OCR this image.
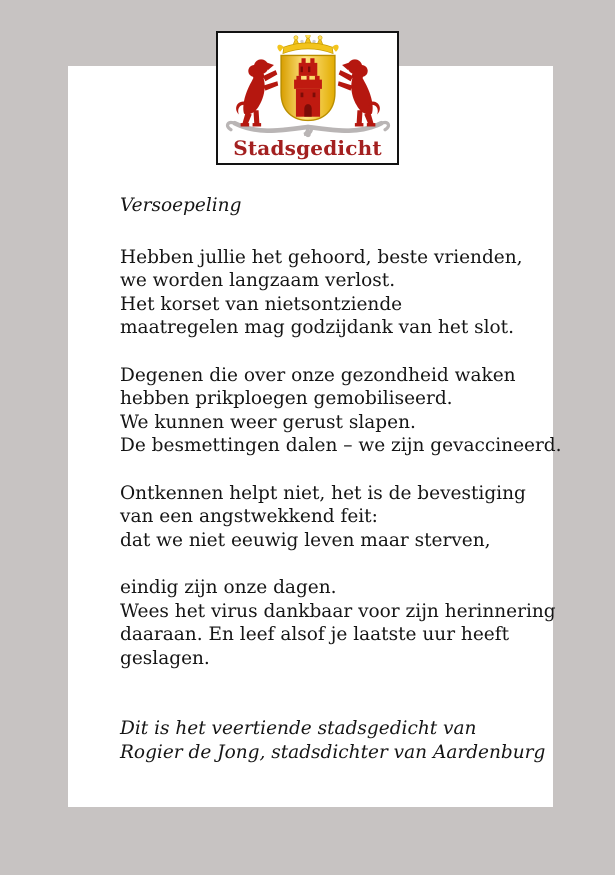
Stadsgedicht
Versoepeling
Hebben jullie het gehoord, beste vrienden,
we worden langzaam verlost.
Het korset van nietsontziende
maatregelen mag godzijdank van het slot.
Degenen die over onze gezondheid waken
hebben prikploegen gemobiliseerd.
We kunnen weer gerust slapen.
De besmettingen dalen – we zijn gevaccineerd.
Ontkennen helpt niet, het is de bevestiging
van een angstwekkend feit:
dat we niet eeuwig leven maar sterven,
eindig zijn onze dagen.
Wees het virus dankbaar voor zijn herinnering
daaraan. En leef alsof je laatste uur heeft
geslagen.
Dit is het veertiende stadsgedicht van
Rogier de Jong, stadsdichter van Aardenburg
